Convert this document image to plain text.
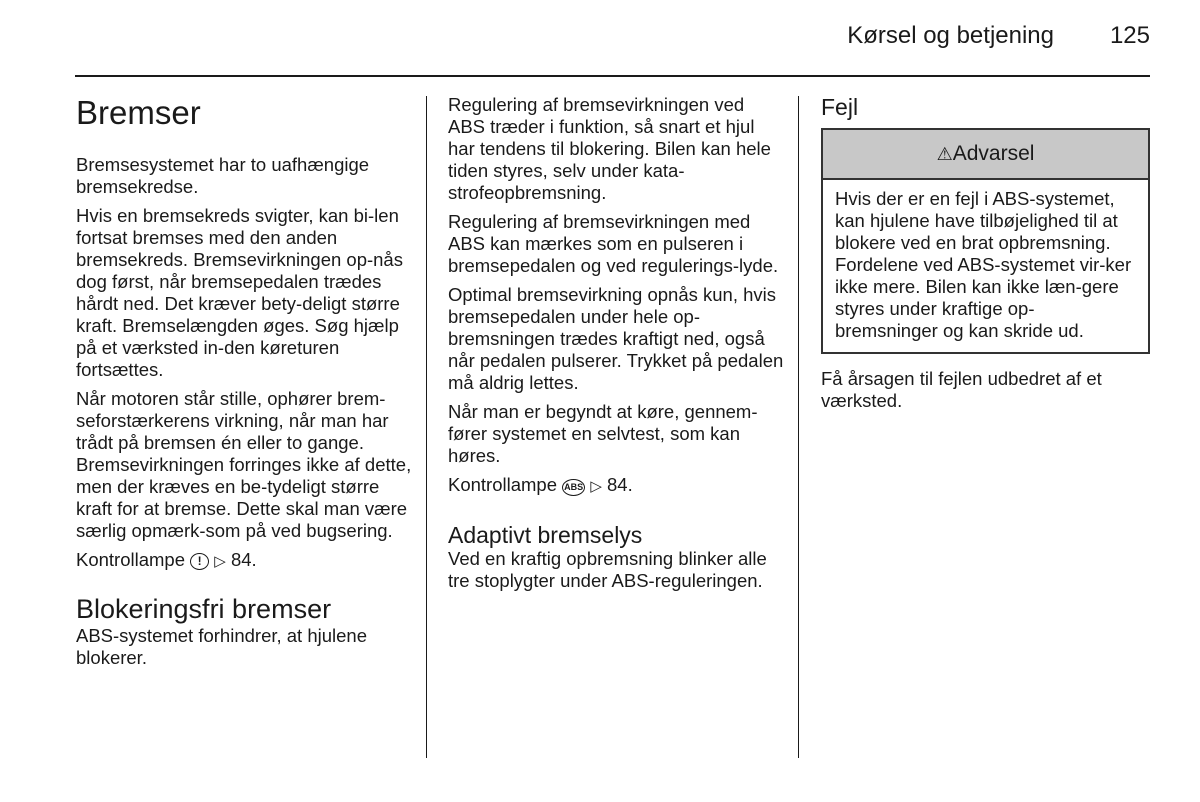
Kørsel og betjening 125
Bremser

Bremsesystemet har to uafhængige bremsekredse.

Hvis en bremsekreds svigter, kan bi-len fortsat bremses med den anden bremsekreds. Bremsevirkningen op-nås dog først, når bremsepedalen trædes hårdt ned. Det kræver bety-deligt større kraft. Bremselængden øges. Søg hjælp på et værksted in-den køreturen fortsættes.

Når motoren står stille, ophører brem-seforstærkerens virkning, når man har trådt på bremsen én eller to gange. Bremsevirkningen forringes ikke af dette, men der kræves en be-tydeligt større kraft for at bremse. Dette skal man være særlig opmærk-som på ved bugsering.

Kontrollampe ! ▷ 84.

Blokeringsfri bremser

ABS-systemet forhindrer, at hjulene blokerer.

Regulering af bremsevirkningen ved ABS træder i funktion, så snart et hjul har tendens til blokering. Bilen kan hele tiden styres, selv under kata-strofeopbremsning.

Regulering af bremsevirkningen med ABS kan mærkes som en pulseren i bremsepedalen og ved regulerings-lyde.

Optimal bremsevirkning opnås kun, hvis bremsepedalen under hele op-bremsningen trædes kraftigt ned, også når pedalen pulserer. Trykket på pedalen må aldrig lettes.

Når man er begyndt at køre, gennem-fører systemet en selvtest, som kan høres.

Kontrollampe ABS ▷ 84.

Adaptivt bremselys

Ved en kraftig opbremsning blinker alle tre stoplygter under ABS-reguleringen.

Fejl
⚠Advarsel

Hvis der er en fejl i ABS-systemet, kan hjulene have tilbøjelighed til at blokere ved en brat opbremsning. Fordelene ved ABS-systemet vir-ker ikke mere. Bilen kan ikke læn-gere styres under kraftige op-bremsninger og kan skride ud.

Få årsagen til fejlen udbedret af et værksted.
